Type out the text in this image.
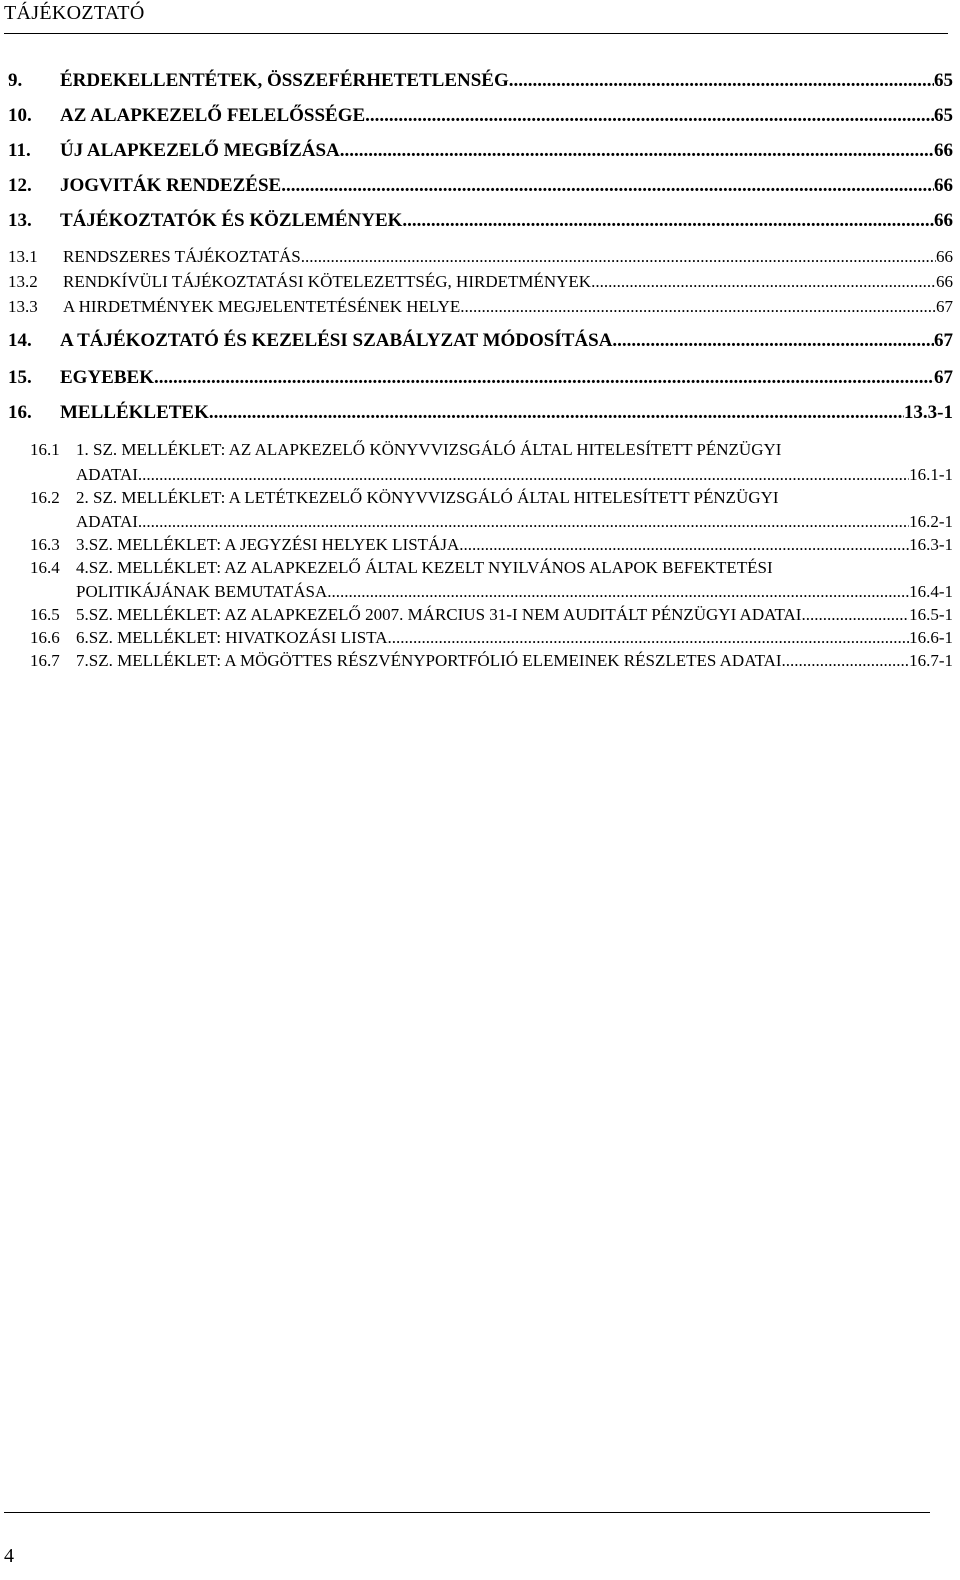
TÁJÉKOZTATÓ
9.	ÉRDEKELLENTÉTEK, ÖSSZEFÉRHETETLENSÉG .....	65
10.	AZ ALAPKEZELŐ FELELŐSSÉGE .....	65
11.	ÚJ ALAPKEZELŐ MEGBÍZÁSA .....	66
12.	JOGVITÁK RENDEZÉSE .....	66
13.	TÁJÉKOZTATÓK ÉS KÖZLEMÉNYEK .....	66
13.1	RENDSZERES TÁJÉKOZTATÁS .....	66
13.2	RENDKÍVÜLI TÁJÉKOZTATÁSI KÖTELEZETTSÉG, HIRDETMÉNYEK .....	66
13.3	A HIRDETMÉNYEK MEGJELENTETÉSÉNEK HELYE .....	67
14.	A TÁJÉKOZTATÓ ÉS KEZELÉSI SZABÁLYZAT MÓDOSÍTÁSA .....	67
15.	EGYEBEK .....	67
16.	MELLÉKLETEK .....	13.3-1
16.1 1. SZ. MELLÉKLET: AZ ALAPKEZELŐ KÖNYVVIZSGÁLÓ ÁLTAL HITELESÍTETT PÉNZÜGYI
ADATAI .....	16.1-1
16.2 2. SZ. MELLÉKLET: A LETÉTKEZELŐ KÖNYVVIZSGÁLÓ ÁLTAL HITELESÍTETT PÉNZÜGYI
ADATAI .....	16.2-1
16.3 3.SZ. MELLÉKLET: A JEGYZÉSI HELYEK LISTÁJA .....	16.3-1
16.4 4.SZ. MELLÉKLET: AZ ALAPKEZELŐ ÁLTAL KEZELT NYILVÁNOS ALAPOK BEFEKTETÉSI
POLITIKÁJÁNAK BEMUTATÁSA .....	16.4-1
16.5 5.SZ. MELLÉKLET: AZ ALAPKEZELŐ 2007. MÁRCIUS 31-I NEM AUDITÁLT PÉNZÜGYI ADATAI .....	16.5-1
16.6 6.SZ. MELLÉKLET: HIVATKOZÁSI LISTA .....	16.6-1
16.7 7.SZ. MELLÉKLET: A MÖGÖTTES RÉSZVÉNYPORTFÓLIÓ ELEMEINEK RÉSZLETES ADATAI .....	16.7-1
4
